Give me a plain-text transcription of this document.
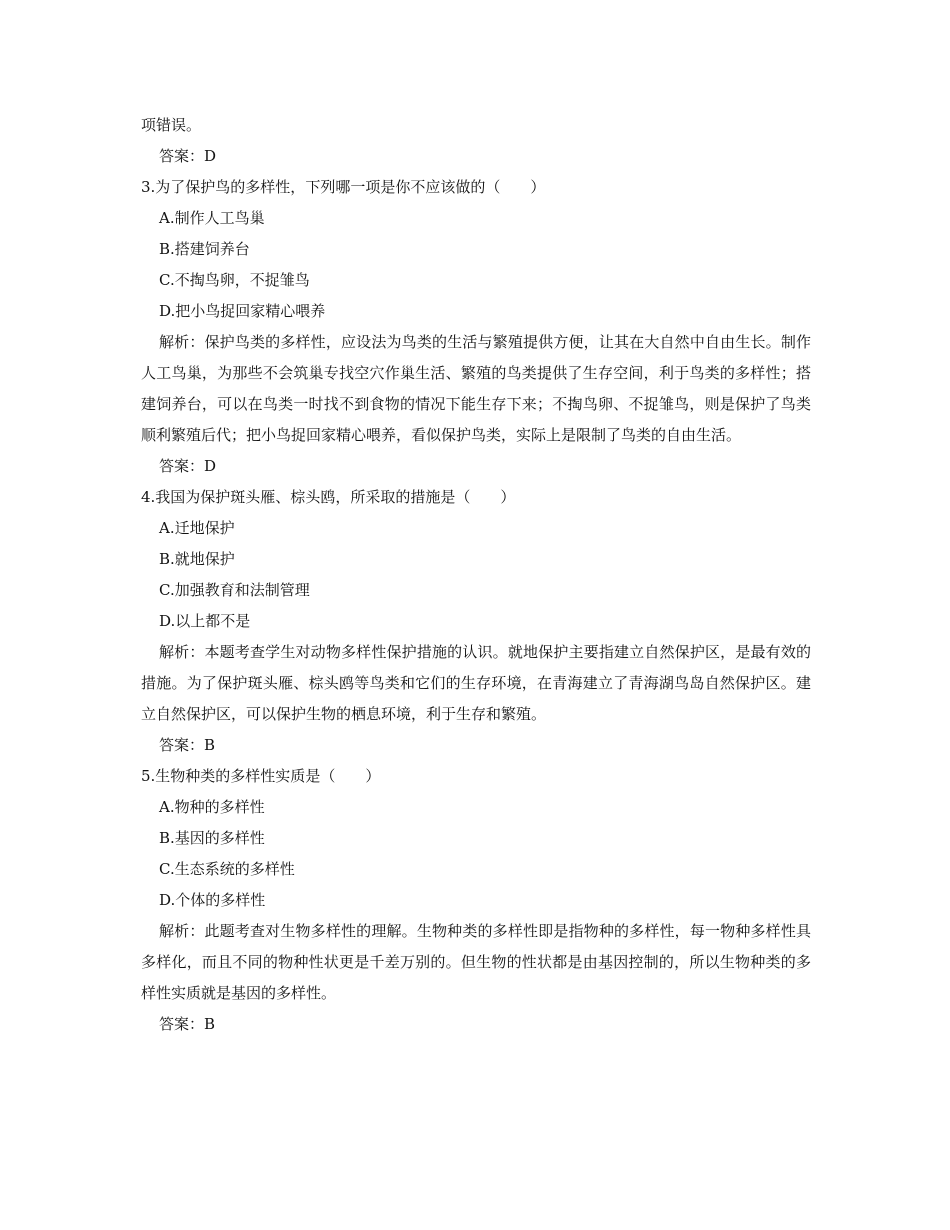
项错误。

答案：D

3.为了保护鸟的多样性，下列哪一项是你不应该做的（　　）

A.制作人工鸟巢

B.搭建饲养台

C.不掏鸟卵，不捉雏鸟

D.把小鸟捉回家精心喂养

解析：保护鸟类的多样性，应设法为鸟类的生活与繁殖提供方便，让其在大自然中自由生长。制作人工鸟巢，为那些不会筑巢专找空穴作巢生活、繁殖的鸟类提供了生存空间，利于鸟类的多样性；搭建饲养台，可以在鸟类一时找不到食物的情况下能生存下来；不掏鸟卵、不捉雏鸟，则是保护了鸟类顺利繁殖后代；把小鸟捉回家精心喂养，看似保护鸟类，实际上是限制了鸟类的自由生活。

答案：D

4.我国为保护斑头雁、棕头鸥，所采取的措施是（　　）

A.迁地保护

B.就地保护

C.加强教育和法制管理

D.以上都不是

解析：本题考查学生对动物多样性保护措施的认识。就地保护主要指建立自然保护区，是最有效的措施。为了保护斑头雁、棕头鸥等鸟类和它们的生存环境，在青海建立了青海湖鸟岛自然保护区。建立自然保护区，可以保护生物的栖息环境，利于生存和繁殖。

答案：B

5.生物种类的多样性实质是（　　）

A.物种的多样性

B.基因的多样性

C.生态系统的多样性

D.个体的多样性

解析：此题考查对生物多样性的理解。生物种类的多样性即是指物种的多样性，每一物种多样性具多样化，而且不同的物种性状更是千差万别的。但生物的性状都是由基因控制的，所以生物种类的多样性实质就是基因的多样性。

答案：B
